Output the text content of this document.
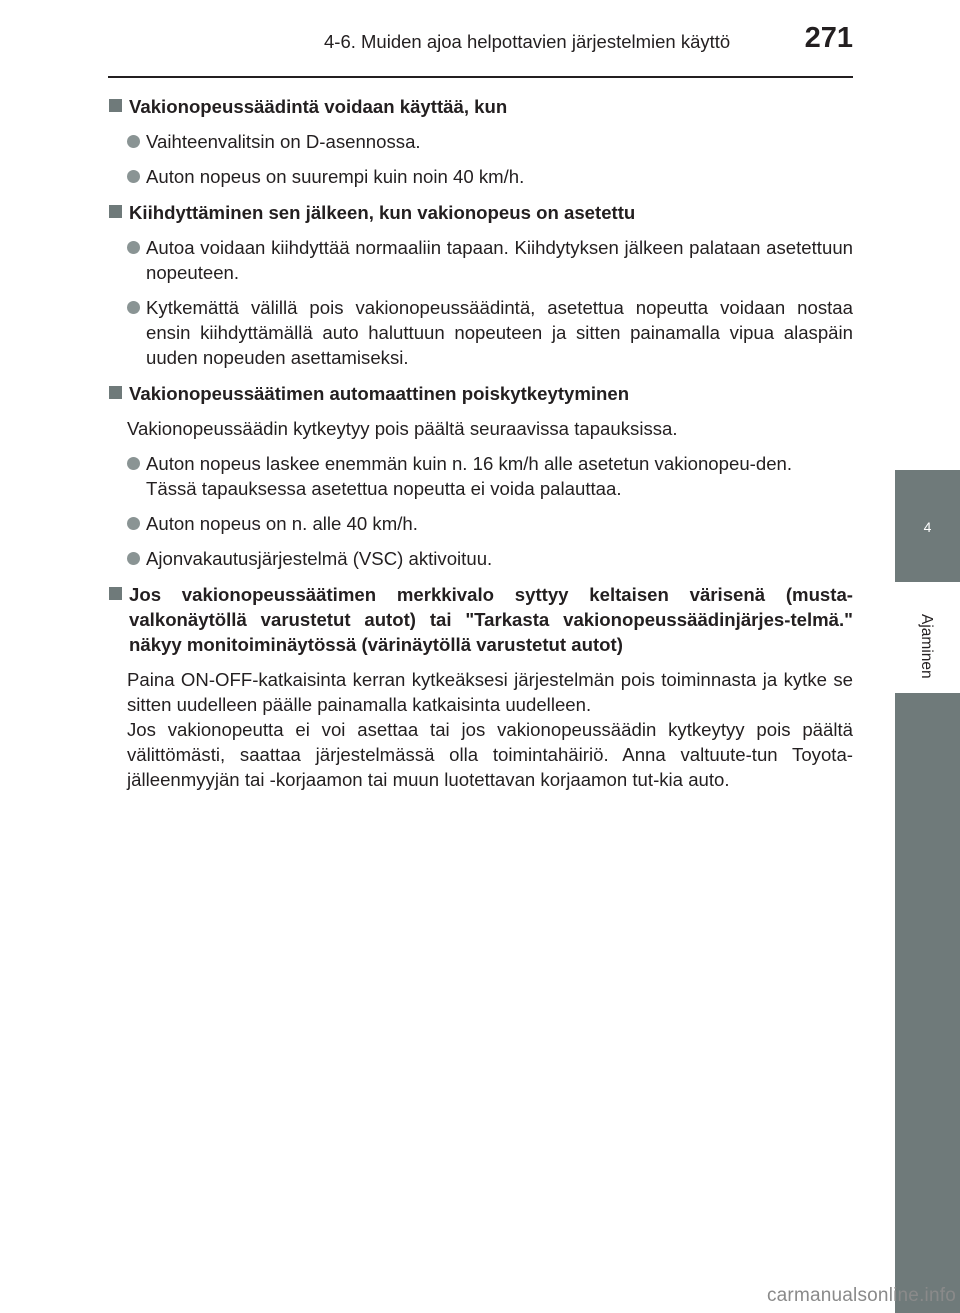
4-6. Muiden ajoa helpottavien järjestelmien käyttö	271
4
Ajaminen
Vakionopeussäädintä voidaan käyttää, kun
Vaihteenvalitsin on D-asennossa.
Auton nopeus on suurempi kuin noin 40 km/h.
Kiihdyttäminen sen jälkeen, kun vakionopeus on asetettu
Autoa voidaan kiihdyttää normaaliin tapaan. Kiihdytyksen jälkeen palataan asetettuun nopeuteen.
Kytkemättä välillä pois vakionopeussäädintä, asetettua nopeutta voidaan nostaa ensin kiihdyttämällä auto haluttuun nopeuteen ja sitten painamalla vipua alaspäin uuden nopeuden asettamiseksi.
Vakionopeussäätimen automaattinen poiskytkeytyminen
Vakionopeussäädin kytkeytyy pois päältä seuraavissa tapauksissa.
Auton nopeus laskee enemmän kuin n. 16 km/h alle asetetun vakionopeu-den.
Tässä tapauksessa asetettua nopeutta ei voida palauttaa.
Auton nopeus on n. alle 40 km/h.
Ajonvakautusjärjestelmä (VSC) aktivoituu.
Jos vakionopeussäätimen merkkivalo syttyy keltaisen värisenä (musta-valkonäytöllä varustetut autot) tai "Tarkasta vakionopeussäädinjärjes-telmä." näkyy monitoiminäytössä (värinäytöllä varustetut autot)
Paina ON-OFF-katkaisinta kerran kytkeäksesi järjestelmän pois toiminnasta ja kytke se sitten uudelleen päälle painamalla katkaisinta uudelleen.
Jos vakionopeutta ei voi asettaa tai jos vakionopeussäädin kytkeytyy pois päältä välittömästi, saattaa järjestelmässä olla toimintahäiriö. Anna valtuute-tun Toyota-jälleenmyyjän tai -korjaamon tai muun luotettavan korjaamon tut-kia auto.
carmanualsonline.info
